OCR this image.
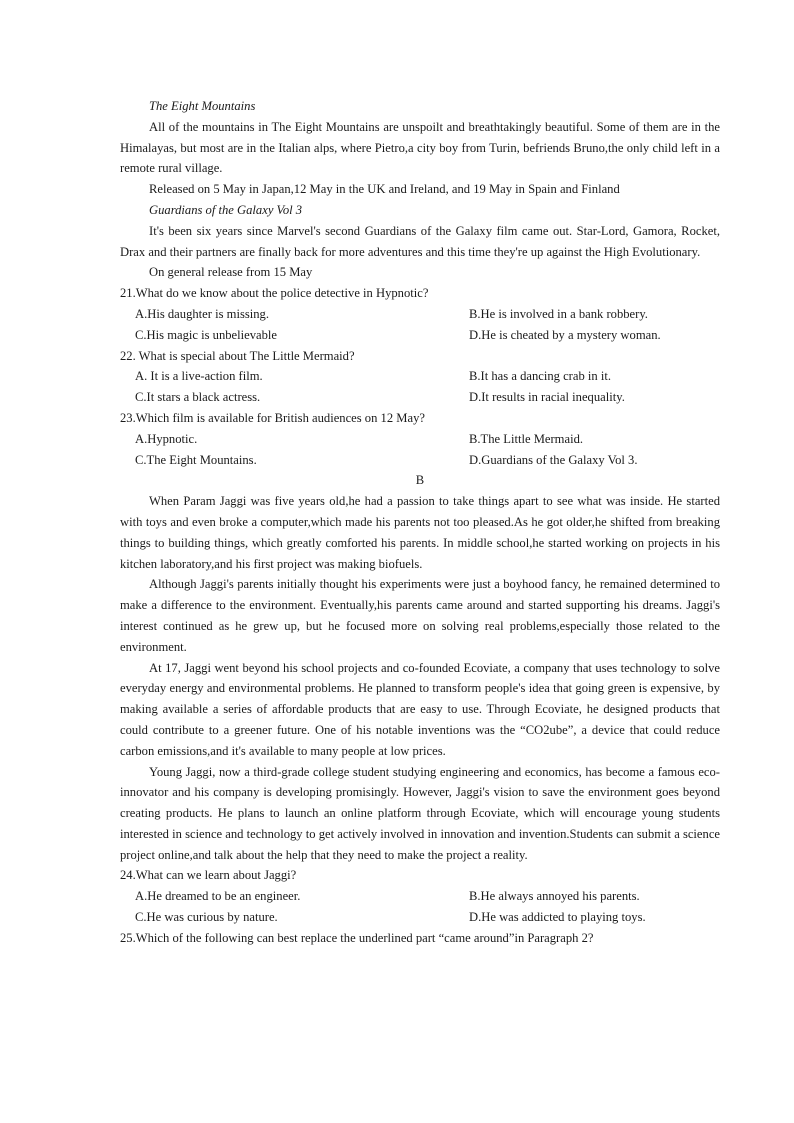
The Eight Mountains
All of the mountains in The Eight Mountains are unspoilt and breathtakingly beautiful. Some of them are in the Himalayas, but most are in the Italian alps, where Pietro,a city boy from Turin, befriends Bruno,the only child left in a remote rural village.
Released on 5 May in Japan,12 May in the UK and Ireland, and 19 May in Spain and Finland
Guardians of the Galaxy Vol 3
It's been six years since Marvel's second Guardians of the Galaxy film came out. Star-Lord, Gamora, Rocket, Drax and their partners are finally back for more adventures and this time they're up against the High Evolutionary.
On general release from 15 May
21.What do we know about the police detective in Hypnotic?
A.His daughter is missing.	B.He is involved in a bank robbery.
C.His magic is unbelievable	D.He is cheated by a mystery woman.
22. What is special about The Little Mermaid?
A. It is a live-action film.	B.It has a dancing crab in it.
C.It stars a black actress.	D.It results in racial inequality.
23.Which film is available for British audiences on 12 May?
A.Hypnotic.	B.The Little Mermaid.
C.The Eight Mountains.	D.Guardians of the Galaxy Vol 3.
B
When Param Jaggi was five years old,he had a passion to take things apart to see what was inside. He started with toys and even broke a computer,which made his parents not too pleased.As he got older,he shifted from breaking things to building things, which greatly comforted his parents. In middle school,he started working on projects in his kitchen laboratory,and his first project was making biofuels.
Although Jaggi's parents initially thought his experiments were just a boyhood fancy, he remained determined to make a difference to the environment. Eventually,his parents came around and started supporting his dreams. Jaggi's interest continued as he grew up, but he focused more on solving real problems,especially those related to the environment.
At 17, Jaggi went beyond his school projects and co-founded Ecoviate, a company that uses technology to solve everyday energy and environmental problems. He planned to transform people's idea that going green is expensive, by making available a series of affordable products that are easy to use. Through Ecoviate, he designed products that could contribute to a greener future. One of his notable inventions was the “CO2ube”, a device that could reduce carbon emissions,and it's available to many people at low prices.
Young Jaggi, now a third-grade college student studying engineering and economics, has become a famous eco-innovator and his company is developing promisingly. However, Jaggi's vision to save the environment goes beyond creating products. He plans to launch an online platform through Ecoviate, which will encourage young students interested in science and technology to get actively involved in innovation and invention.Students can submit a science project online,and talk about the help that they need to make the project a reality.
24.What can we learn about Jaggi?
A.He dreamed to be an engineer.	B.He always annoyed his parents.
C.He was curious by nature.	D.He was addicted to playing toys.
25.Which of the following can best replace the underlined part “came around”in Paragraph 2?
